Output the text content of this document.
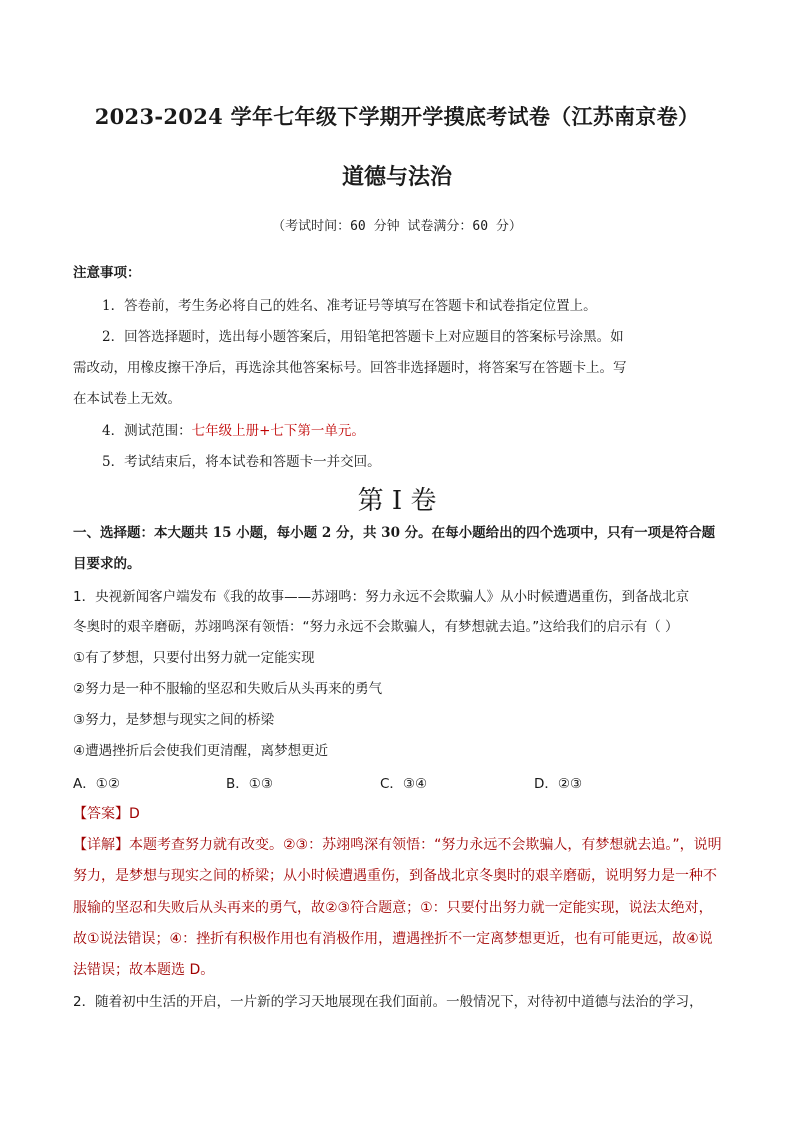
2023-2024 学年七年级下学期开学摸底考试卷（江苏南京卷）
道德与法治
（考试时间：60 分钟 试卷满分：60 分）
注意事项：
1．答卷前，考生务必将自己的姓名、准考证号等填写在答题卡和试卷指定位置上。
2．回答选择题时，选出每小题答案后，用铅笔把答题卡上对应题目的答案标号涂黑。如
需改动，用橡皮擦干净后，再选涂其他答案标号。回答非选择题时，将答案写在答题卡上。写
在本试卷上无效。
4．测试范围：七年级上册+七下第一单元。
5．考试结束后，将本试卷和答题卡一并交回。
第 I 卷
一、选择题：本大题共 15 小题，每小题 2 分，共 30 分。在每小题给出的四个选项中，只有一项是符合题
目要求的。
1．央视新闻客户端发布《我的故事——苏翊鸣：努力永远不会欺骗人》从小时候遭遇重伤，到备战北京
冬奥时的艰辛磨砺，苏翊鸣深有领悟：“努力永远不会欺骗人，有梦想就去追。”这给我们的启示有（ ）
①有了梦想，只要付出努力就一定能实现
②努力是一种不服输的坚忍和失败后从头再来的勇气
③努力，是梦想与现实之间的桥梁
④遭遇挫折后会使我们更清醒，离梦想更近
A．①②	B．①③	C．③④	D．②③
【答案】D
【详解】本题考查努力就有改变。②③：苏翊鸣深有领悟：“努力永远不会欺骗人，有梦想就去追。”，说明
努力，是梦想与现实之间的桥梁；从小时候遭遇重伤，到备战北京冬奥时的艰辛磨砺，说明努力是一种不
服输的坚忍和失败后从头再来的勇气，故②③符合题意；①：只要付出努力就一定能实现，说法太绝对，
故①说法错误；④：挫折有积极作用也有消极作用，遭遇挫折不一定离梦想更近，也有可能更远，故④说
法错误；故本题选 D。
2．随着初中生活的开启，一片新的学习天地展现在我们面前。一般情况下，对待初中道德与法治的学习，
